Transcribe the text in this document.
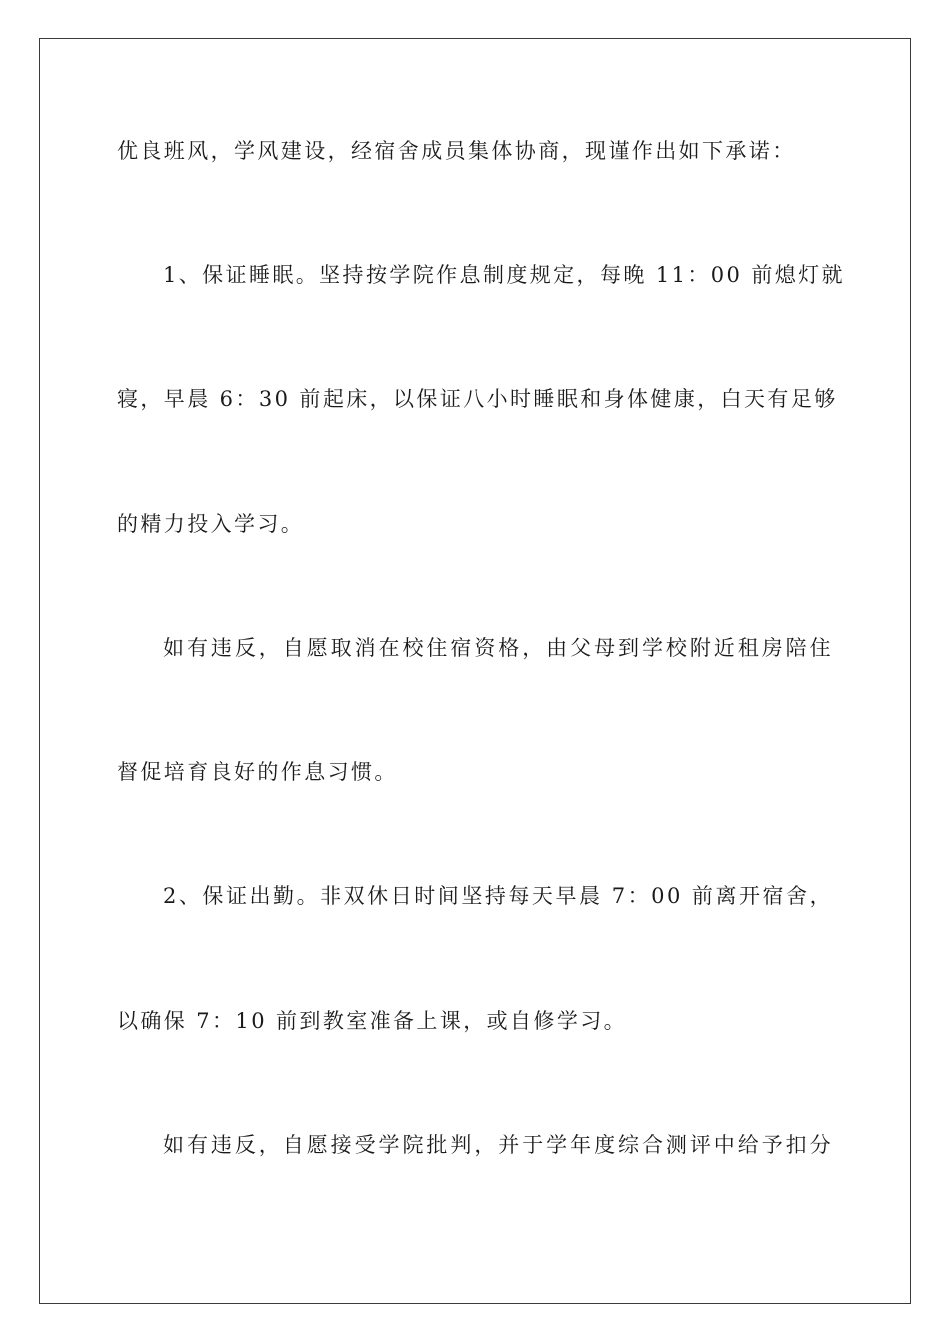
优良班风，学风建设，经宿舍成员集体协商，现谨作出如下承诺：
1、保证睡眠。坚持按学院作息制度规定，每晚 11：00 前熄灯就
寝，早晨 6：30 前起床，以保证八小时睡眠和身体健康，白天有足够
的精力投入学习。
如有违反，自愿取消在校住宿资格，由父母到学校附近租房陪住
督促培育良好的作息习惯。
2、保证出勤。非双休日时间坚持每天早晨 7：00 前离开宿舍，
以确保 7：10 前到教室准备上课，或自修学习。
如有违反，自愿接受学院批判，并于学年度综合测评中给予扣分
